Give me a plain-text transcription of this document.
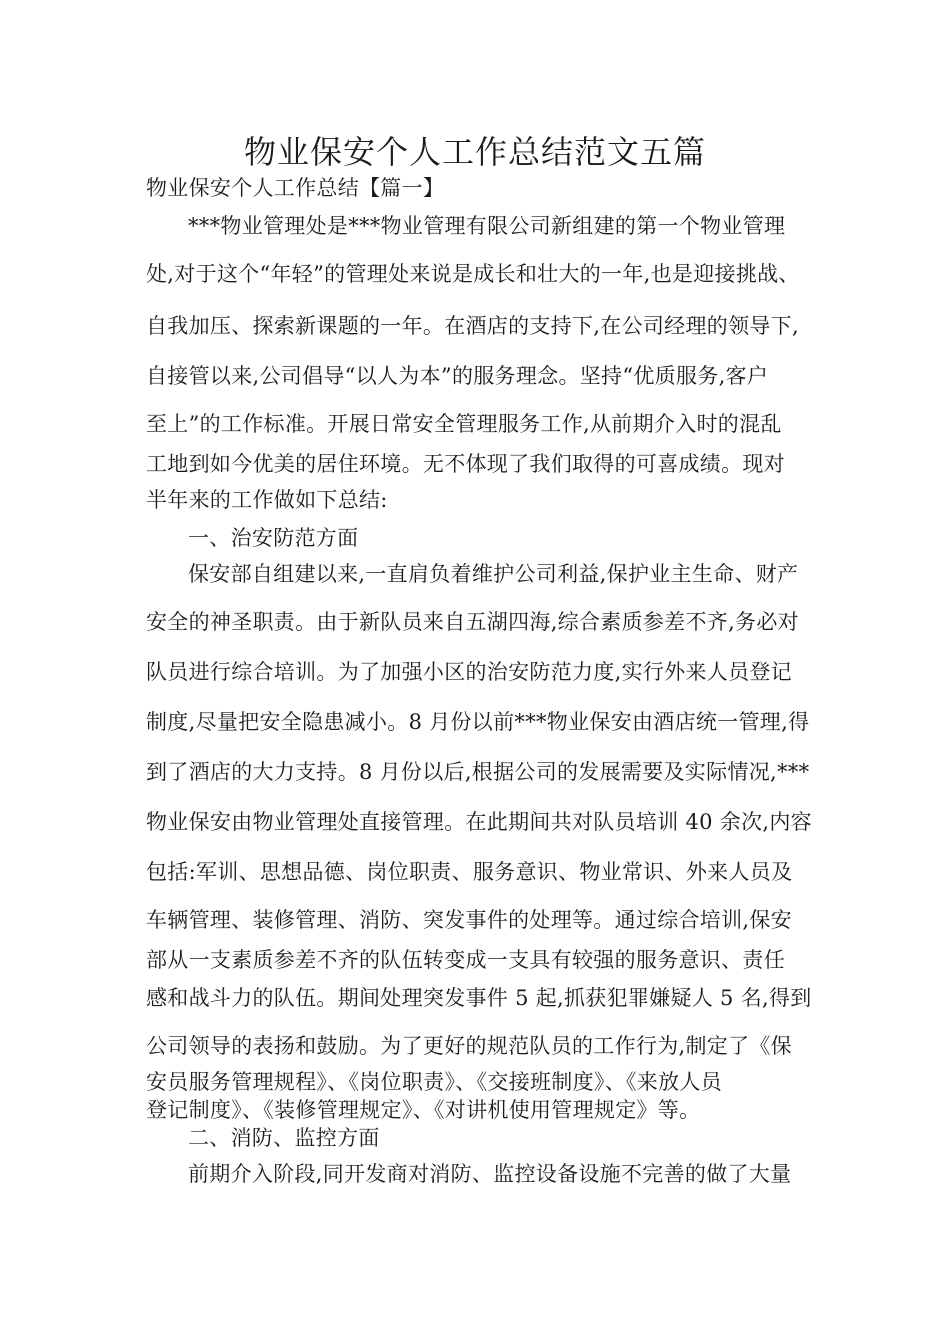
物业保安个人工作总结范文五篇
物业保安个人工作总结【篇一】
***物业管理处是***物业管理有限公司新组建的第一个物业管理
处,对于这个“年轻”的管理处来说是成长和壮大的一年,也是迎接挑战、
自我加压、探索新课题的一年。在酒店的支持下,在公司经理的领导下,
自接管以来,公司倡导“以人为本”的服务理念。坚持“优质服务,客户
至上”的工作标准。开展日常安全管理服务工作,从前期介入时的混乱
工地到如今优美的居住环境。无不体现了我们取得的可喜成绩。现对
半年来的工作做如下总结:
一、治安防范方面
保安部自组建以来,一直肩负着维护公司利益,保护业主生命、财产
安全的神圣职责。由于新队员来自五湖四海,综合素质参差不齐,务必对
队员进行综合培训。为了加强小区的治安防范力度,实行外来人员登记
制度,尽量把安全隐患减小。8 月份以前***物业保安由酒店统一管理,得
到了酒店的大力支持。8 月份以后,根据公司的发展需要及实际情况,***
物业保安由物业管理处直接管理。在此期间共对队员培训 40 余次,内容
包括:军训、思想品德、岗位职责、服务意识、物业常识、外来人员及
车辆管理、装修管理、消防、突发事件的处理等。通过综合培训,保安
部从一支素质参差不齐的队伍转变成一支具有较强的服务意识、责任
感和战斗力的队伍。期间处理突发事件 5 起,抓获犯罪嫌疑人 5 名,得到
公司领导的表扬和鼓励。为了更好的规范队员的工作行为,制定了《保
安员服务管理规程》、《岗位职责》、《交接班制度》、《来放人员
登记制度》、《装修管理规定》、《对讲机使用管理规定》等。
二、消防、监控方面
前期介入阶段,同开发商对消防、监控设备设施不完善的做了大量
